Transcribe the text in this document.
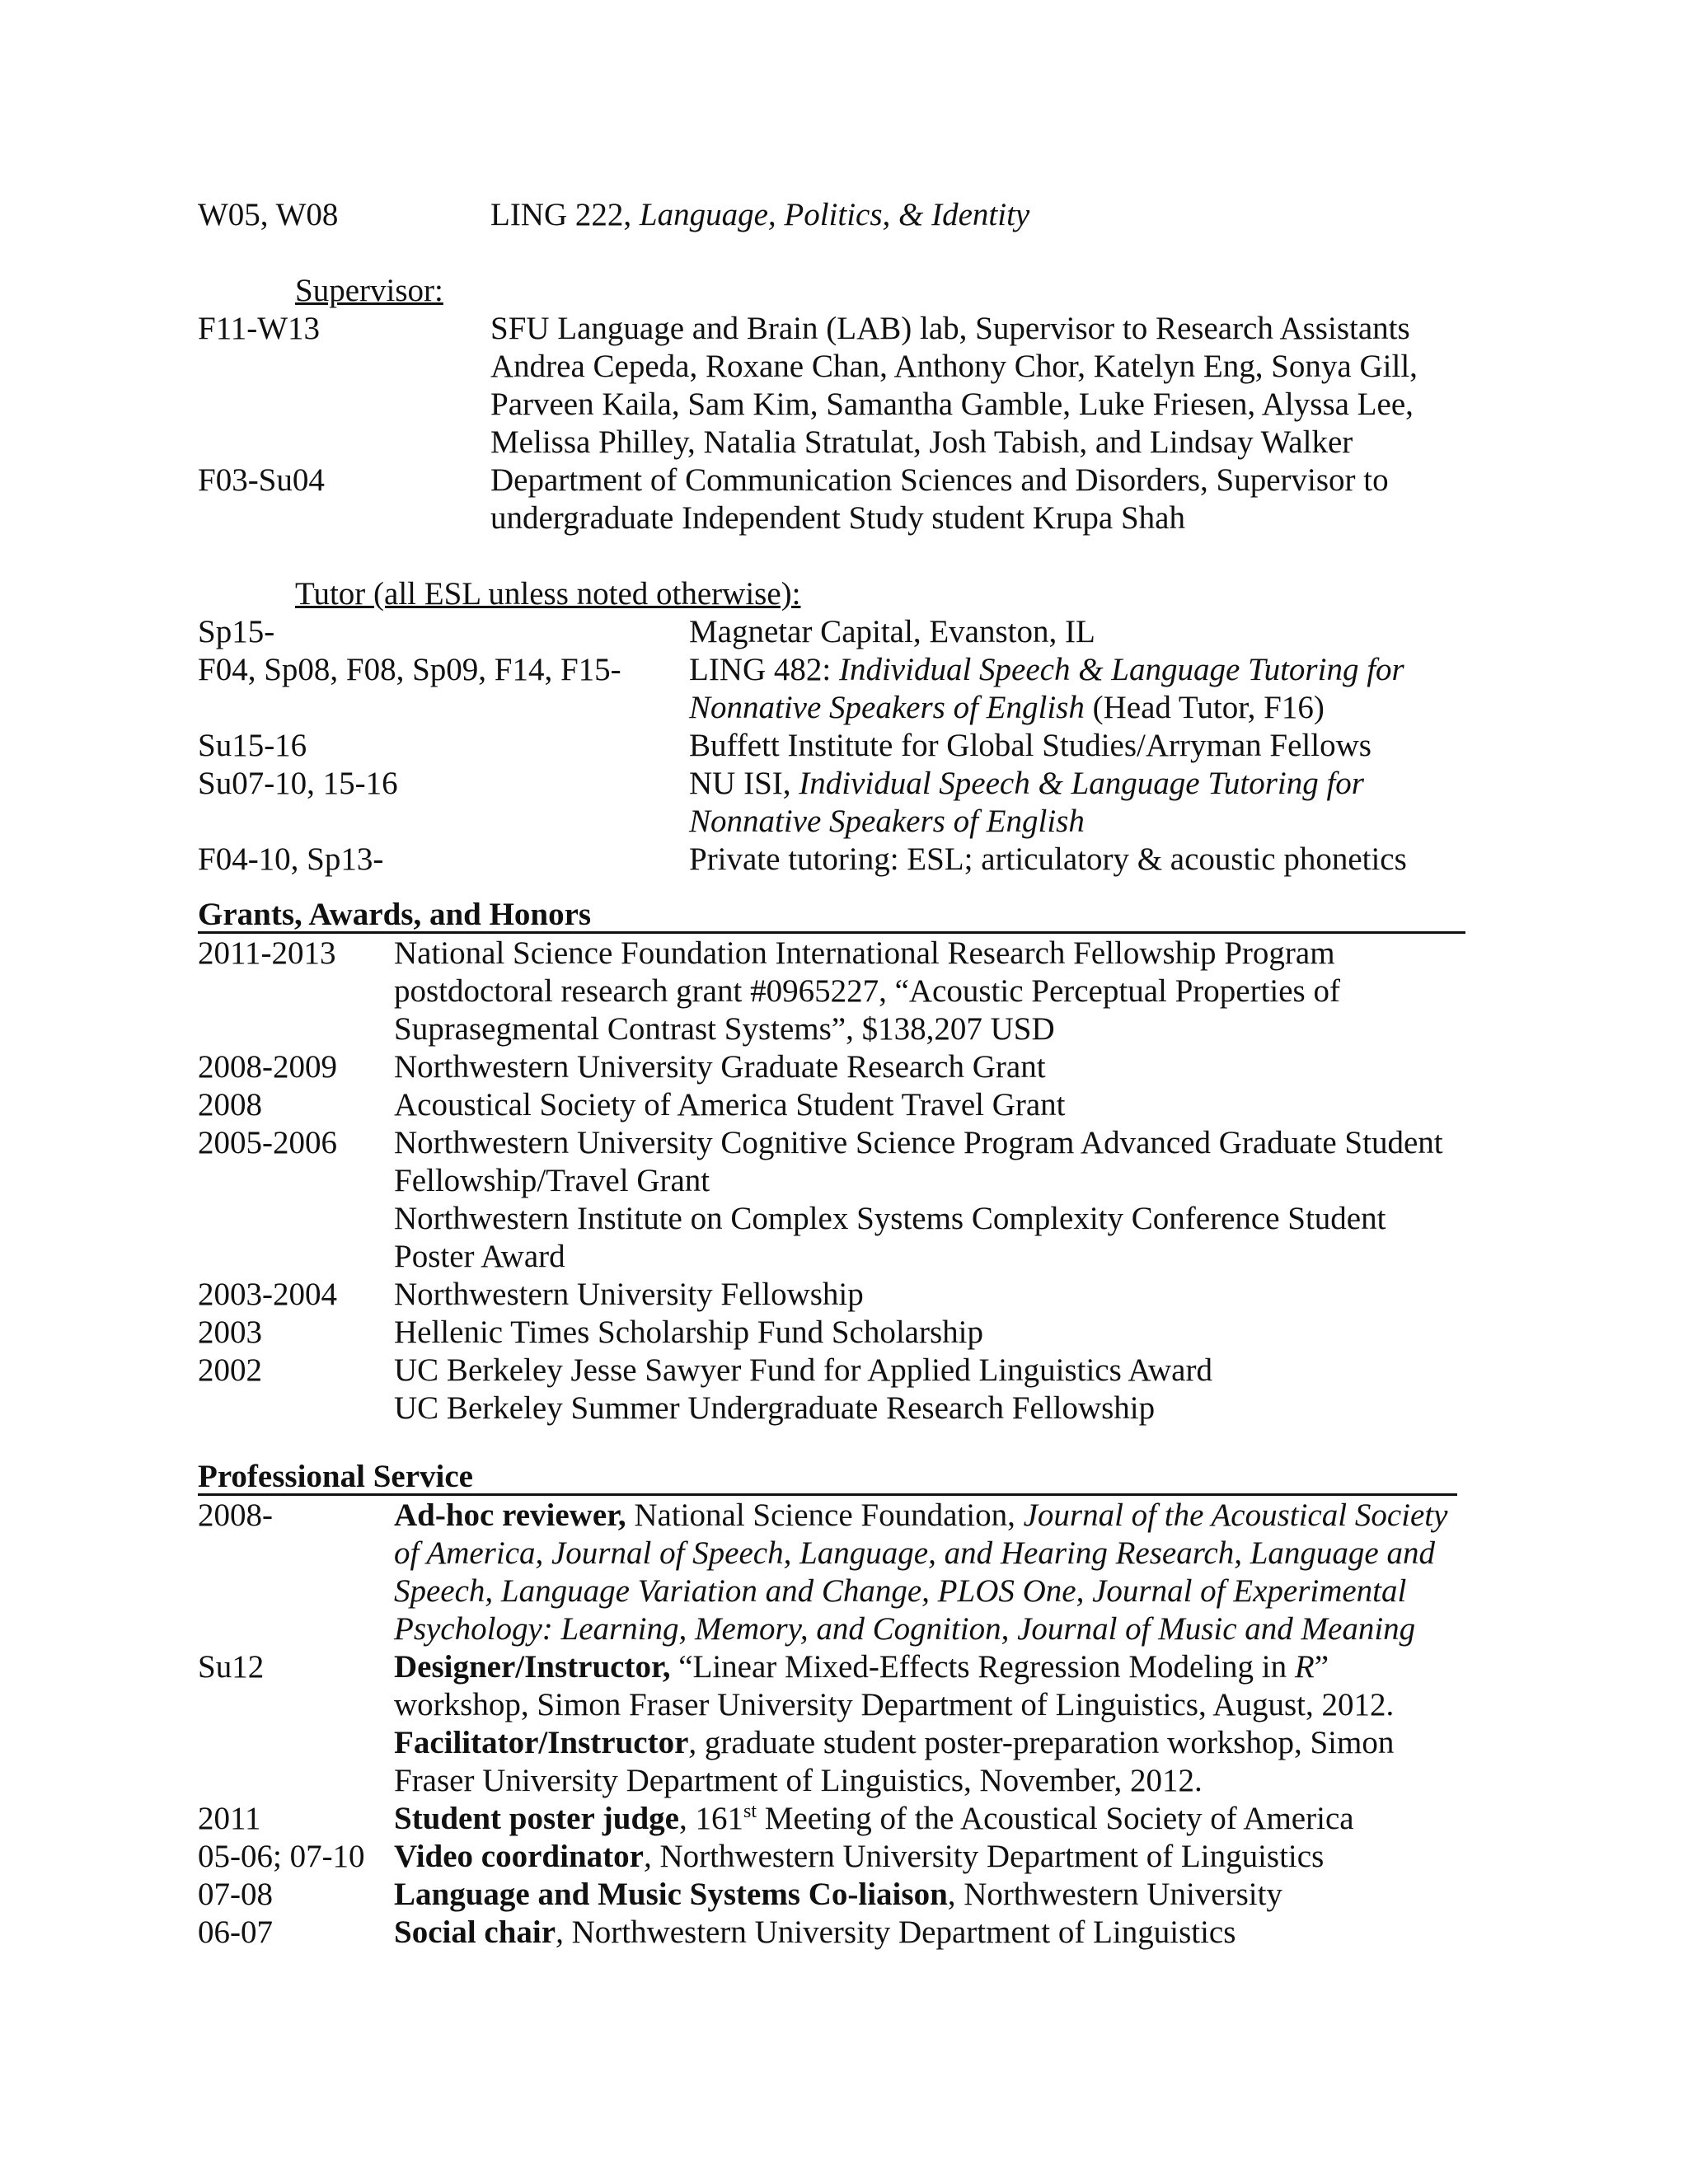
W05, W08	LING 222, Language, Politics, & Identity
Supervisor:
F11-W13	SFU Language and Brain (LAB) lab, Supervisor to Research Assistants
Andrea Cepeda, Roxane Chan, Anthony Chor, Katelyn Eng, Sonya Gill,
Parveen Kaila, Sam Kim, Samantha Gamble, Luke Friesen, Alyssa Lee,
Melissa Philley, Natalia Stratulat, Josh Tabish, and Lindsay Walker
F03-Su04	Department of Communication Sciences and Disorders, Supervisor to
undergraduate Independent Study student Krupa Shah
Tutor (all ESL unless noted otherwise):
Sp15-	Magnetar Capital, Evanston, IL
F04, Sp08, F08, Sp09, F14, F15- LING 482: Individual Speech & Language Tutoring for
Nonnative Speakers of English (Head Tutor, F16)
Su15-16	Buffett Institute for Global Studies/Arryman Fellows
Su07-10, 15-16	NU ISI, Individual Speech & Language Tutoring for
Nonnative Speakers of English
F04-10, Sp13-	Private tutoring: ESL; articulatory & acoustic phonetics
Grants, Awards, and Honors
2011-2013 National Science Foundation International Research Fellowship Program
postdoctoral research grant #0965227, “Acoustic Perceptual Properties of
Suprasegmental Contrast Systems”, $138,207 USD
2008-2009 Northwestern University Graduate Research Grant
2008	Acoustical Society of America Student Travel Grant
2005-2006 Northwestern University Cognitive Science Program Advanced Graduate Student
Fellowship/Travel Grant
Northwestern Institute on Complex Systems Complexity Conference Student
Poster Award
2003-2004 Northwestern University Fellowship
2003	Hellenic Times Scholarship Fund Scholarship
2002	UC Berkeley Jesse Sawyer Fund for Applied Linguistics Award
UC Berkeley Summer Undergraduate Research Fellowship
Professional Service
2008-	Ad-hoc reviewer, National Science Foundation, Journal of the Acoustical Society
of America, Journal of Speech, Language, and Hearing Research, Language and
Speech, Language Variation and Change, PLOS One, Journal of Experimental
Psychology: Learning, Memory, and Cognition, Journal of Music and Meaning
Su12	Designer/Instructor, “Linear Mixed-Effects Regression Modeling in R”
workshop, Simon Fraser University Department of Linguistics, August, 2012.
Facilitator/Instructor, graduate student poster-preparation workshop, Simon
Fraser University Department of Linguistics, November, 2012.
2011	Student poster judge, 161st Meeting of the Acoustical Society of America
05-06; 07-10 Video coordinator, Northwestern University Department of Linguistics
07-08	Language and Music Systems Co-liaison, Northwestern University
06-07	Social chair, Northwestern University Department of Linguistics
